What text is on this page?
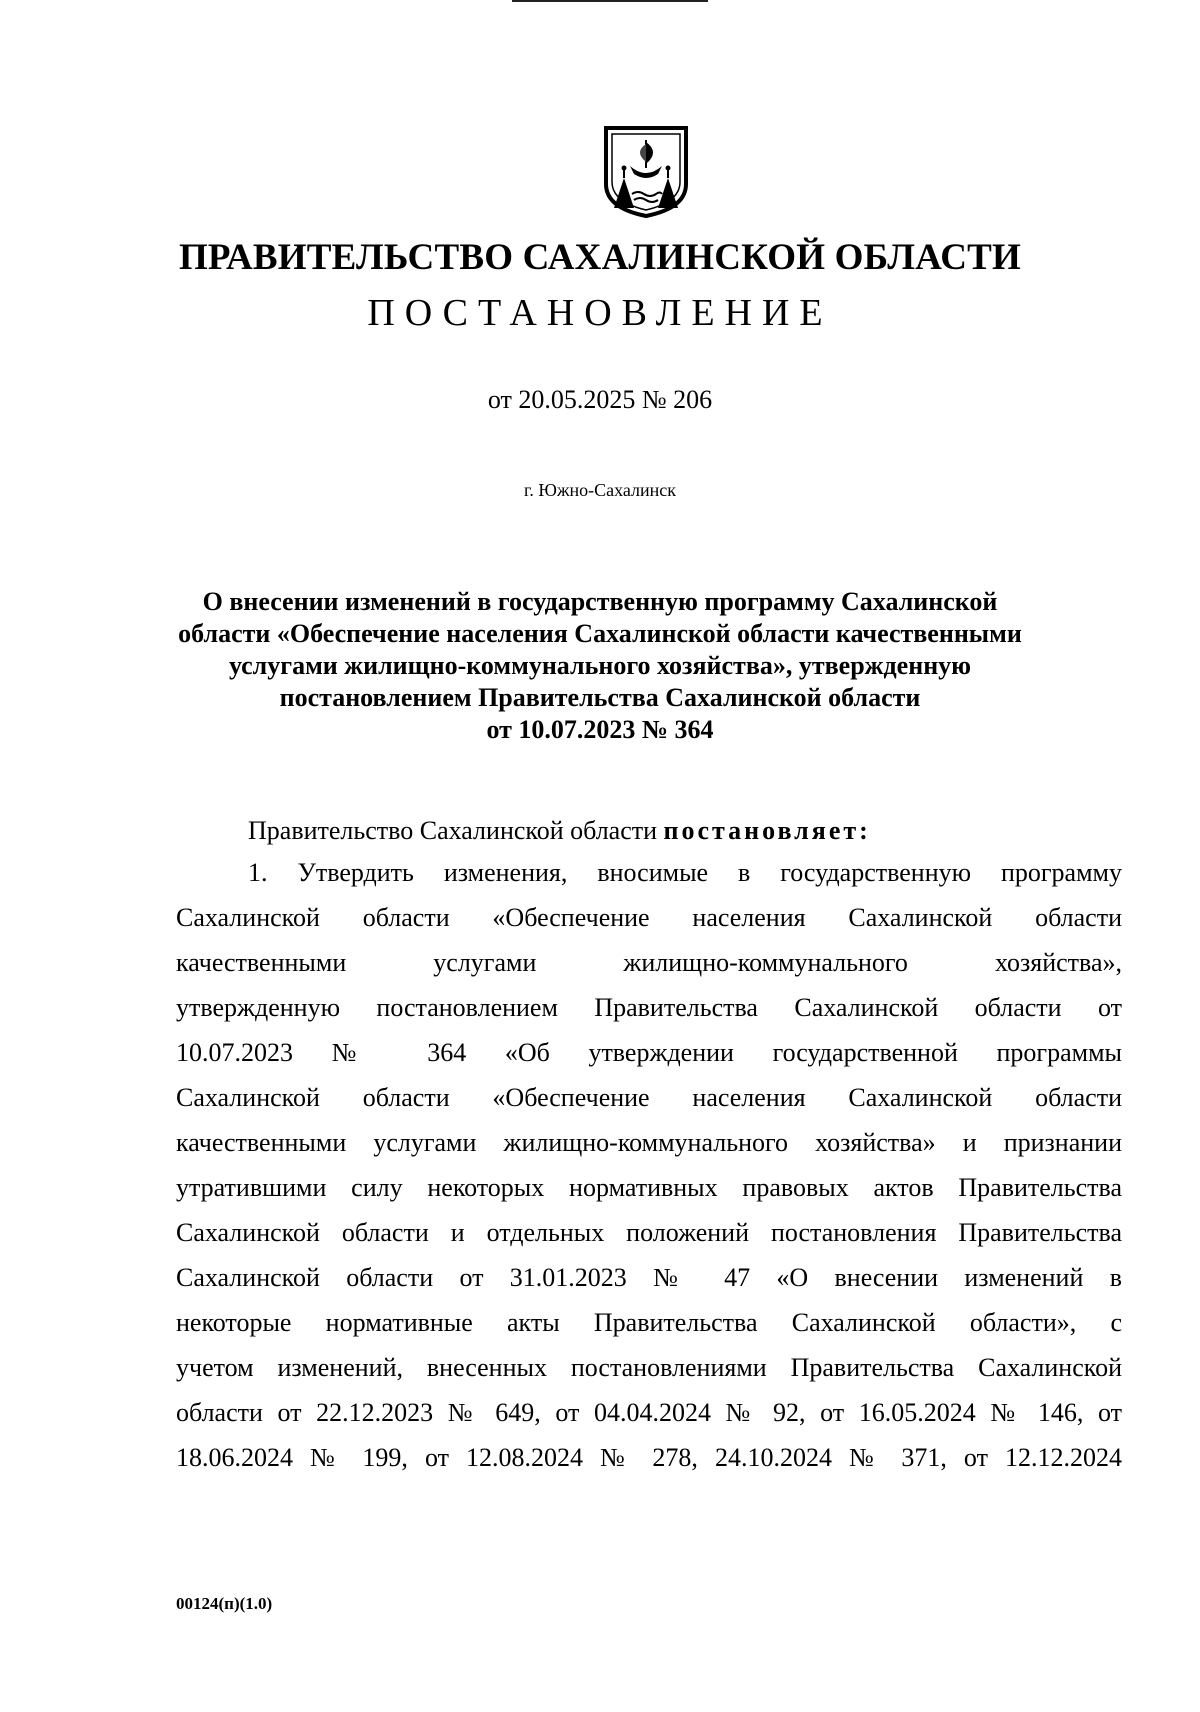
ПРАВИТЕЛЬСТВО САХАЛИНСКОЙ ОБЛАСТИ
ПОСТАНОВЛЕНИЕ
от 20.05.2025 № 206
г. Южно-Сахалинск
О внесении изменений в государственную программу Сахалинской
области «Обеспечение населения Сахалинской области качественными
услугами жилищно-коммунального хозяйства», утвержденную
постановлением Правительства Сахалинской области
от 10.07.2023 № 364
Правительство Сахалинской области постановляет:
1. Утвердить изменения, вносимые в государственную программу
Сахалинской области «Обеспечение населения Сахалинской области
качественными услугами жилищно-коммунального хозяйства»,
утвержденную постановлением Правительства Сахалинской области от
10.07.2023 № 364 «Об утверждении государственной программы
Сахалинской области «Обеспечение населения Сахалинской области
качественными услугами жилищно-коммунального хозяйства» и признании
утратившими силу некоторых нормативных правовых актов Правительства
Сахалинской области и отдельных положений постановления Правительства
Сахалинской области от 31.01.2023 № 47 «О внесении изменений в
некоторые нормативные акты Правительства Сахалинской области», с
учетом изменений, внесенных постановлениями Правительства Сахалинской
области от 22.12.2023 № 649, от 04.04.2024 № 92, от 16.05.2024 № 146, от
18.06.2024 № 199, от 12.08.2024 № 278, 24.10.2024 № 371, от 12.12.2024
00124(п)(1.0)
